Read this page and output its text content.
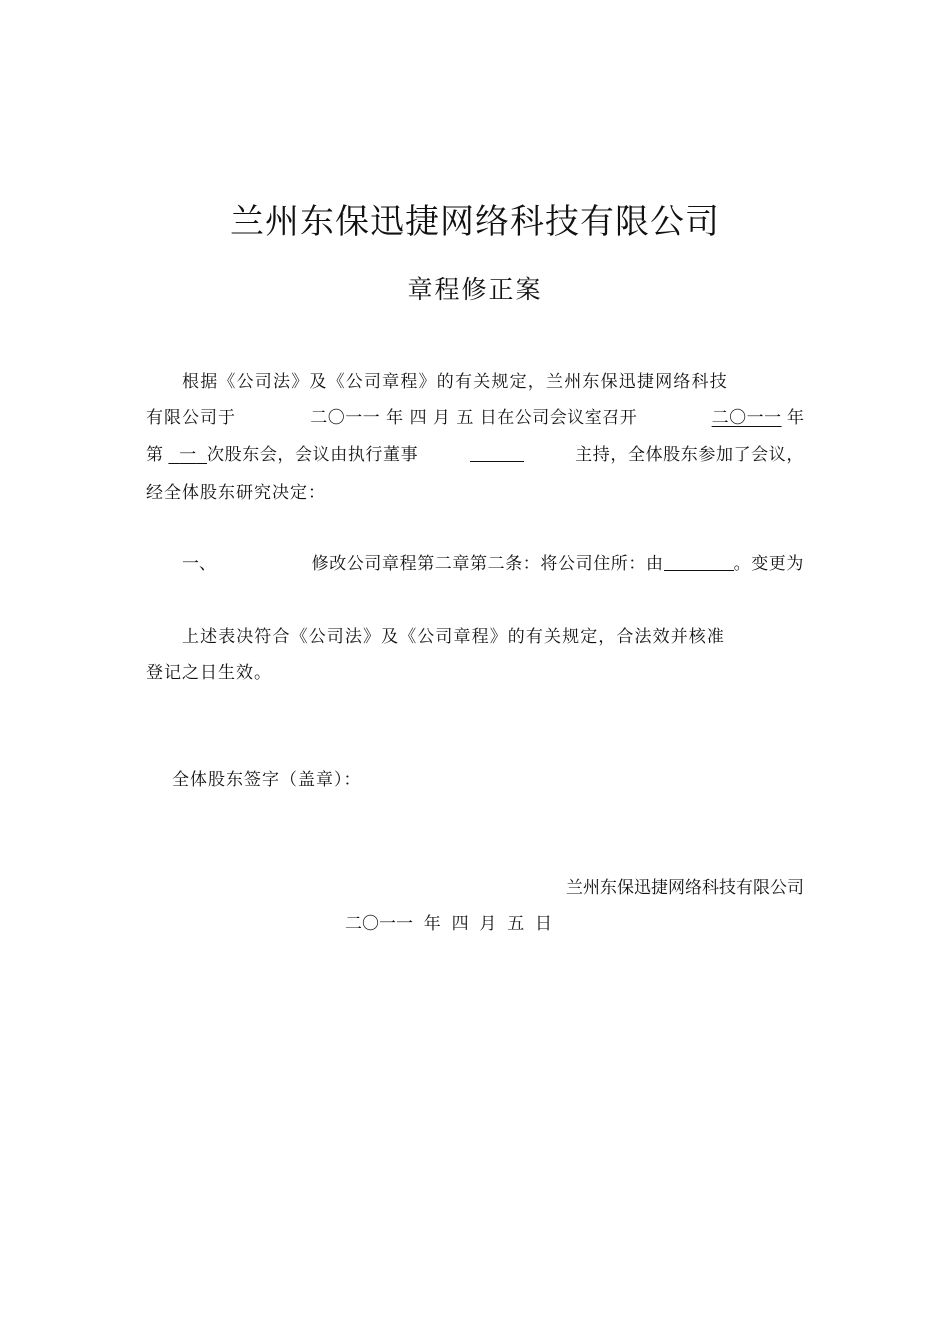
兰州东保迅捷网络科技有限公司
章程修正案
根据《公司法》及《公司章程》的有关规定，兰州东保迅捷网络科技
有限公司于	二〇一一 年 四 月 五 日在公司会议室召开	二〇一一 年
第 一 次股东会，会议由执行董事	主持，全体股东参加了会议，
经全体股东研究决定：
一、	修改公司章程第二章第二条：将公司住所：由	。变更为
上述表决符合《公司法》及《公司章程》的有关规定，合法效并核准
登记之日生效。
全体股东签字（盖章）：
兰州东保迅捷网络科技有限公司
二〇一一  年  四  月  五  日
